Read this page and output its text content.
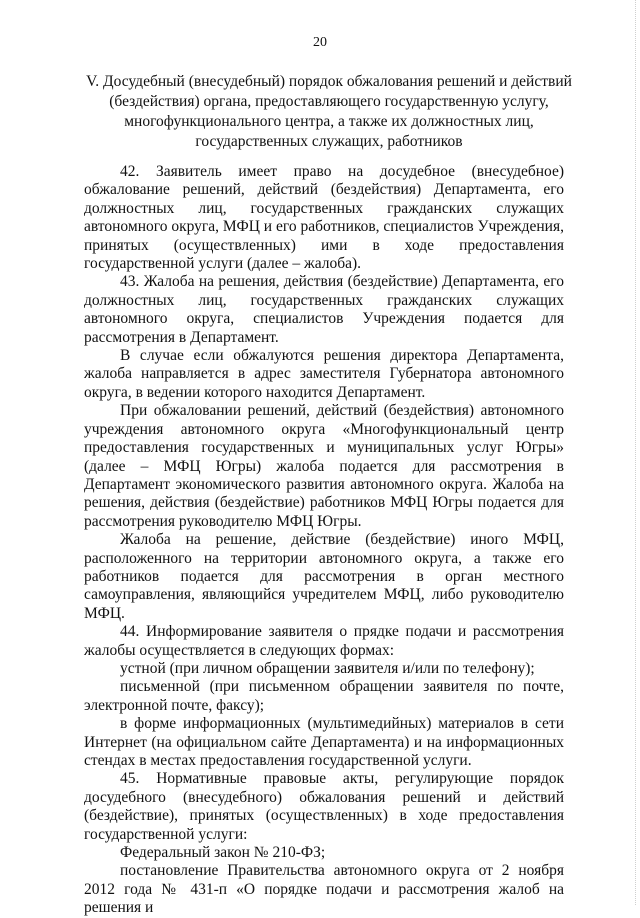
20
V. Досудебный (внесудебный) порядок обжалования решений и действий (бездействия) органа, предоставляющего государственную услугу, многофункционального центра, а также их должностных лиц, государственных служащих, работников

42. Заявитель имеет право на досудебное (внесудебное) обжалование решений, действий (бездействия) Департамента, его должностных лиц, государственных гражданских служащих автономного округа, МФЦ и его работников, специалистов Учреждения, принятых (осуществленных) ими в ходе предоставления государственной услуги (далее – жалоба).

43. Жалоба на решения, действия (бездействие) Департамента, его должностных лиц, государственных гражданских служащих автономного округа, специалистов Учреждения подается для рассмотрения в Департамент.

В случае если обжалуются решения директора Департамента, жалоба направляется в адрес заместителя Губернатора автономного округа, в ведении которого находится Департамент.

При обжаловании решений, действий (бездействия) автономного учреждения автономного округа «Многофункциональный центр предоставления государственных и муниципальных услуг Югры» (далее – МФЦ Югры) жалоба подается для рассмотрения в Департамент экономического развития автономного округа. Жалоба на решения, действия (бездействие) работников МФЦ Югры подается для рассмотрения руководителю МФЦ Югры.

Жалоба на решение, действие (бездействие) иного МФЦ, расположенного на территории автономного округа, а также его работников подается для рассмотрения в орган местного самоуправления, являющийся учредителем МФЦ, либо руководителю МФЦ.

44. Информирование заявителя о прядке подачи и рассмотрения жалобы осуществляется в следующих формах:

устной (при личном обращении заявителя и/или по телефону);

письменной (при письменном обращении заявителя по почте, электронной почте, факсу);

в форме информационных (мультимедийных) материалов в сети Интернет (на официальном сайте Департамента) и на информационных стендах в местах предоставления государственной услуги.

45. Нормативные правовые акты, регулирующие порядок досудебного (внесудебного) обжалования решений и действий (бездействие), принятых (осуществленных) в ходе предоставления государственной услуги:

Федеральный закон № 210-ФЗ;

постановление Правительства автономного округа от 2 ноября 2012 года № 431-п «О порядке подачи и рассмотрения жалоб на решения и
